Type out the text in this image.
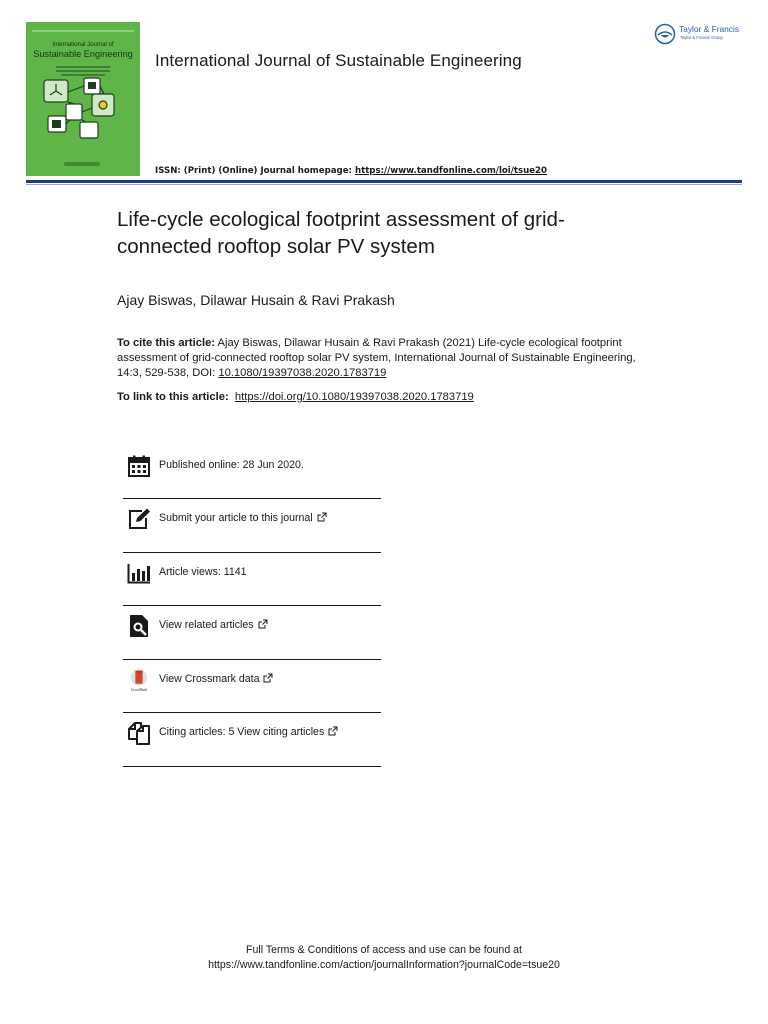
International Journal of
Sustainable Engineering	International Journal of Sustainable Engineering
Taylor & Francis
Taylor & Francis Group
ISSN: (Print) (Online) Journal homepage: https://www.tandfonline.com/loi/tsue20
Life-cycle ecological footprint assessment of grid-connected rooftop solar PV system
Ajay Biswas, Dilawar Husain & Ravi Prakash
To cite this article: Ajay Biswas, Dilawar Husain & Ravi Prakash (2021) Life-cycle ecological footprint assessment of grid-connected rooftop solar PV system, International Journal of Sustainable Engineering, 14:3, 529-538, DOI: 10.1080/19397038.2020.1783719
To link to this article: https://doi.org/10.1080/19397038.2020.1783719
Published online: 28 Jun 2020.
Submit your article to this journal
Article views: 1141
View related articles
CrossMark
View Crossmark data
Citing articles: 5 View citing articles
Full Terms & Conditions of access and use can be found at
https://www.tandfonline.com/action/journalInformation?journalCode=tsue20
